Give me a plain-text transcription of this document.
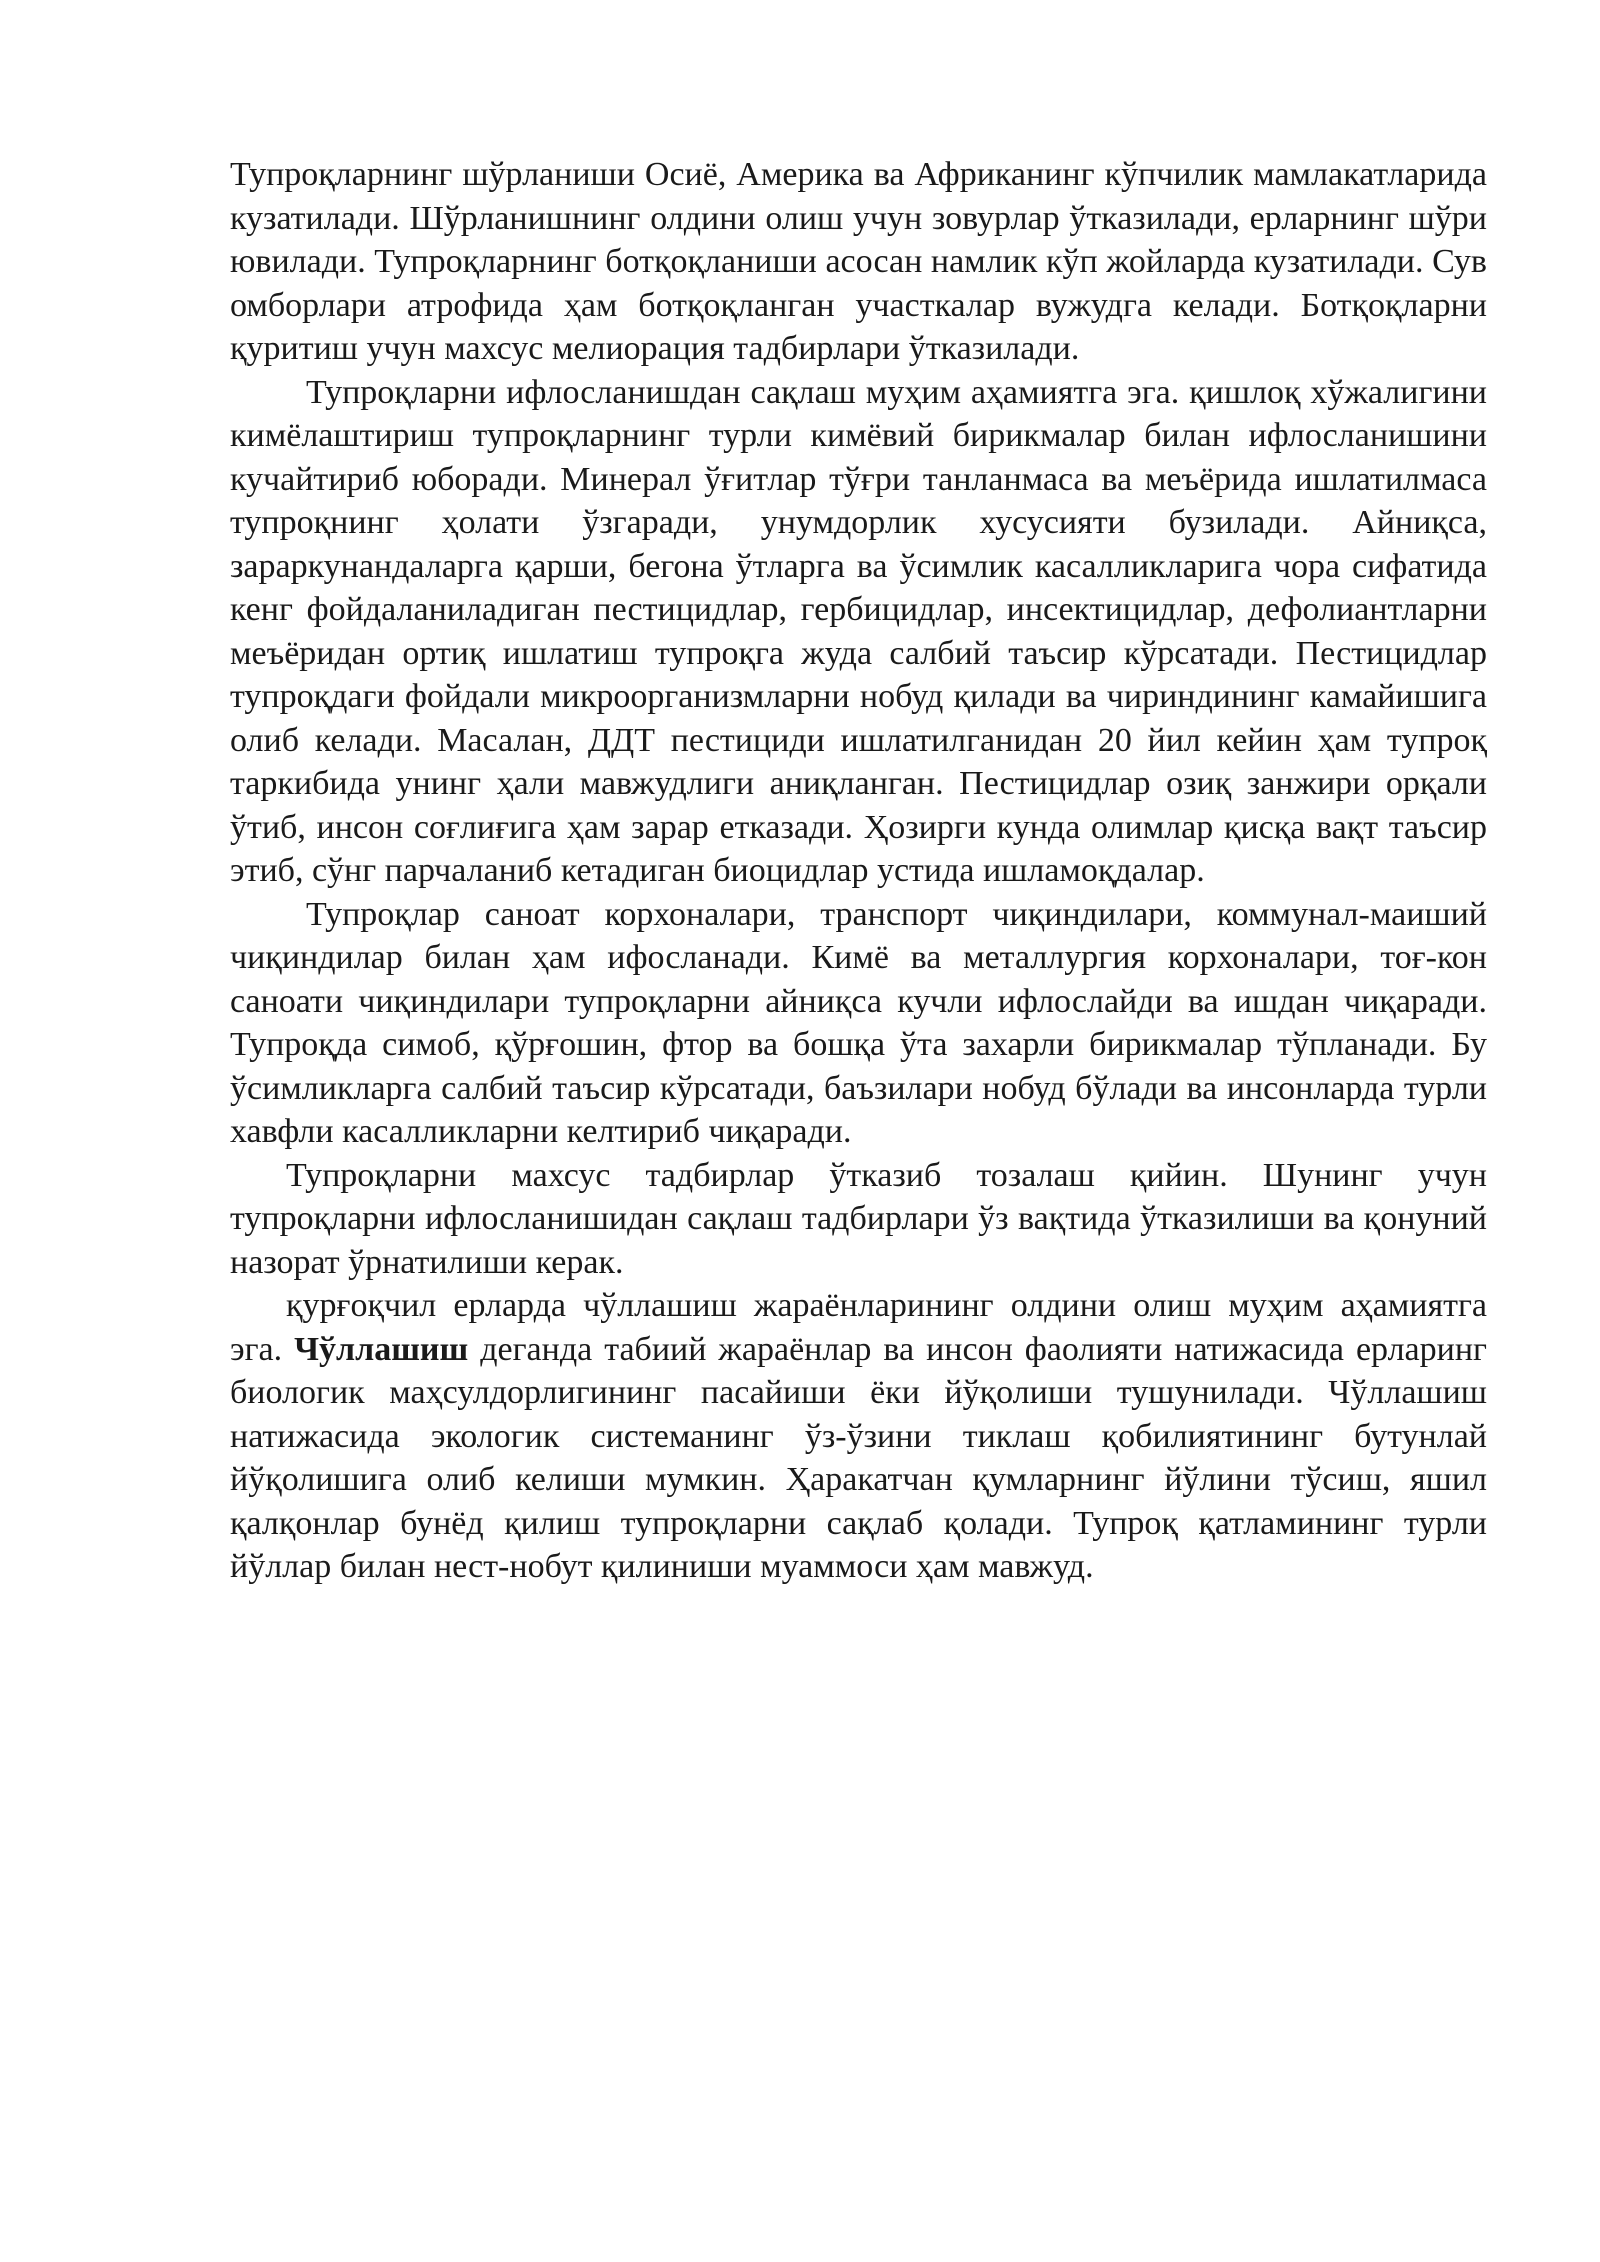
Тупроқларнинг шўрланиши Осиё, Америка ва Африканинг кўпчилик мамлакатларида кузатилади. Шўрланишнинг олдини олиш учун зовурлар ўтказилади, ерларнинг шўри ювилади. Тупроқларнинг ботқоқланиши асосан намлик кўп жойларда кузатилади. Сув омборлари атрофида ҳам ботқоқланган участкалар вужудга келади. Ботқоқларни қуритиш учун махсус мелиорация тадбирлари ўтказилади.

Тупроқларни ифлосланишдан сақлаш муҳим аҳамиятга эга. қишлоқ хўжалигини кимёлаштириш тупроқларнинг турли кимёвий бирикмалар билан ифлосланишини кучайтириб юборади. Минерал ўғитлар тўғри танланмаса ва меъёрида ишлатилмаса тупроқнинг ҳолати ўзгаради, унумдорлик хусусияти бузилади. Айниқса, зараркунандаларга қарши, бегона ўтларга ва ўсимлик касалликларига чора сифатида кенг фойдаланиладиган пестицидлар, гербицидлар, инсектицидлар, дефолиантларни меъёридан ортиқ ишлатиш тупроқга жуда салбий таъсир кўрсатади. Пестицидлар тупроқдаги фойдали микроорганизмларни нобуд қилади ва чириндининг камайишига олиб келади. Масалан, ДДТ пестициди ишлатилганидан 20 йил кейин ҳам тупроқ таркибида унинг ҳали мавжудлиги аниқланган. Пестицидлар озиқ занжири орқали ўтиб, инсон соғлиғига ҳам зарар етказади. Ҳозирги кунда олимлар қисқа вақт таъсир этиб, сўнг парчаланиб кетадиган биоцидлар устида ишламоқдалар.

Тупроқлар саноат корхоналари, транспорт чиқиндилари, коммунал-маиший чиқиндилар билан ҳам ифосланади. Кимё ва металлургия корхоналари, тоғ-кон саноати чиқиндилари тупроқларни айниқса кучли ифлослайди ва ишдан чиқаради. Тупроқда симоб, қўрғошин, фтор ва бошқа ўта захарли бирикмалар тўпланади. Бу ўсимликларга салбий таъсир кўрсатади, баъзилари нобуд бўлади ва инсонларда турли хавфли касалликларни келтириб чиқаради.

Тупроқларни махсус тадбирлар ўтказиб тозалаш қийин. Шунинг учун тупроқларни ифлосланишидан сақлаш тадбирлари ўз вақтида ўтказилиши ва қонуний назорат ўрнатилиши керак.

қурғоқчил ерларда чўллашиш жараёнларининг олдини олиш муҳим аҳамиятга эга. Чўллашиш деганда табиий жараёнлар ва инсон фаолияти натижасида ерларинг биологик маҳсулдорлигининг пасайиши ёки йўқолиши тушунилади. Чўллашиш натижасида экологик системанинг ўз-ўзини тиклаш қобилиятининг бутунлай йўқолишига олиб келиши мумкин. Ҳаракатчан қумларнинг йўлини тўсиш, яшил қалқонлар бунёд қилиш тупроқларни сақлаб қолади. Тупроқ қатламининг турли йўллар билан нест-нобут қилиниши муаммоси ҳам мавжуд.
